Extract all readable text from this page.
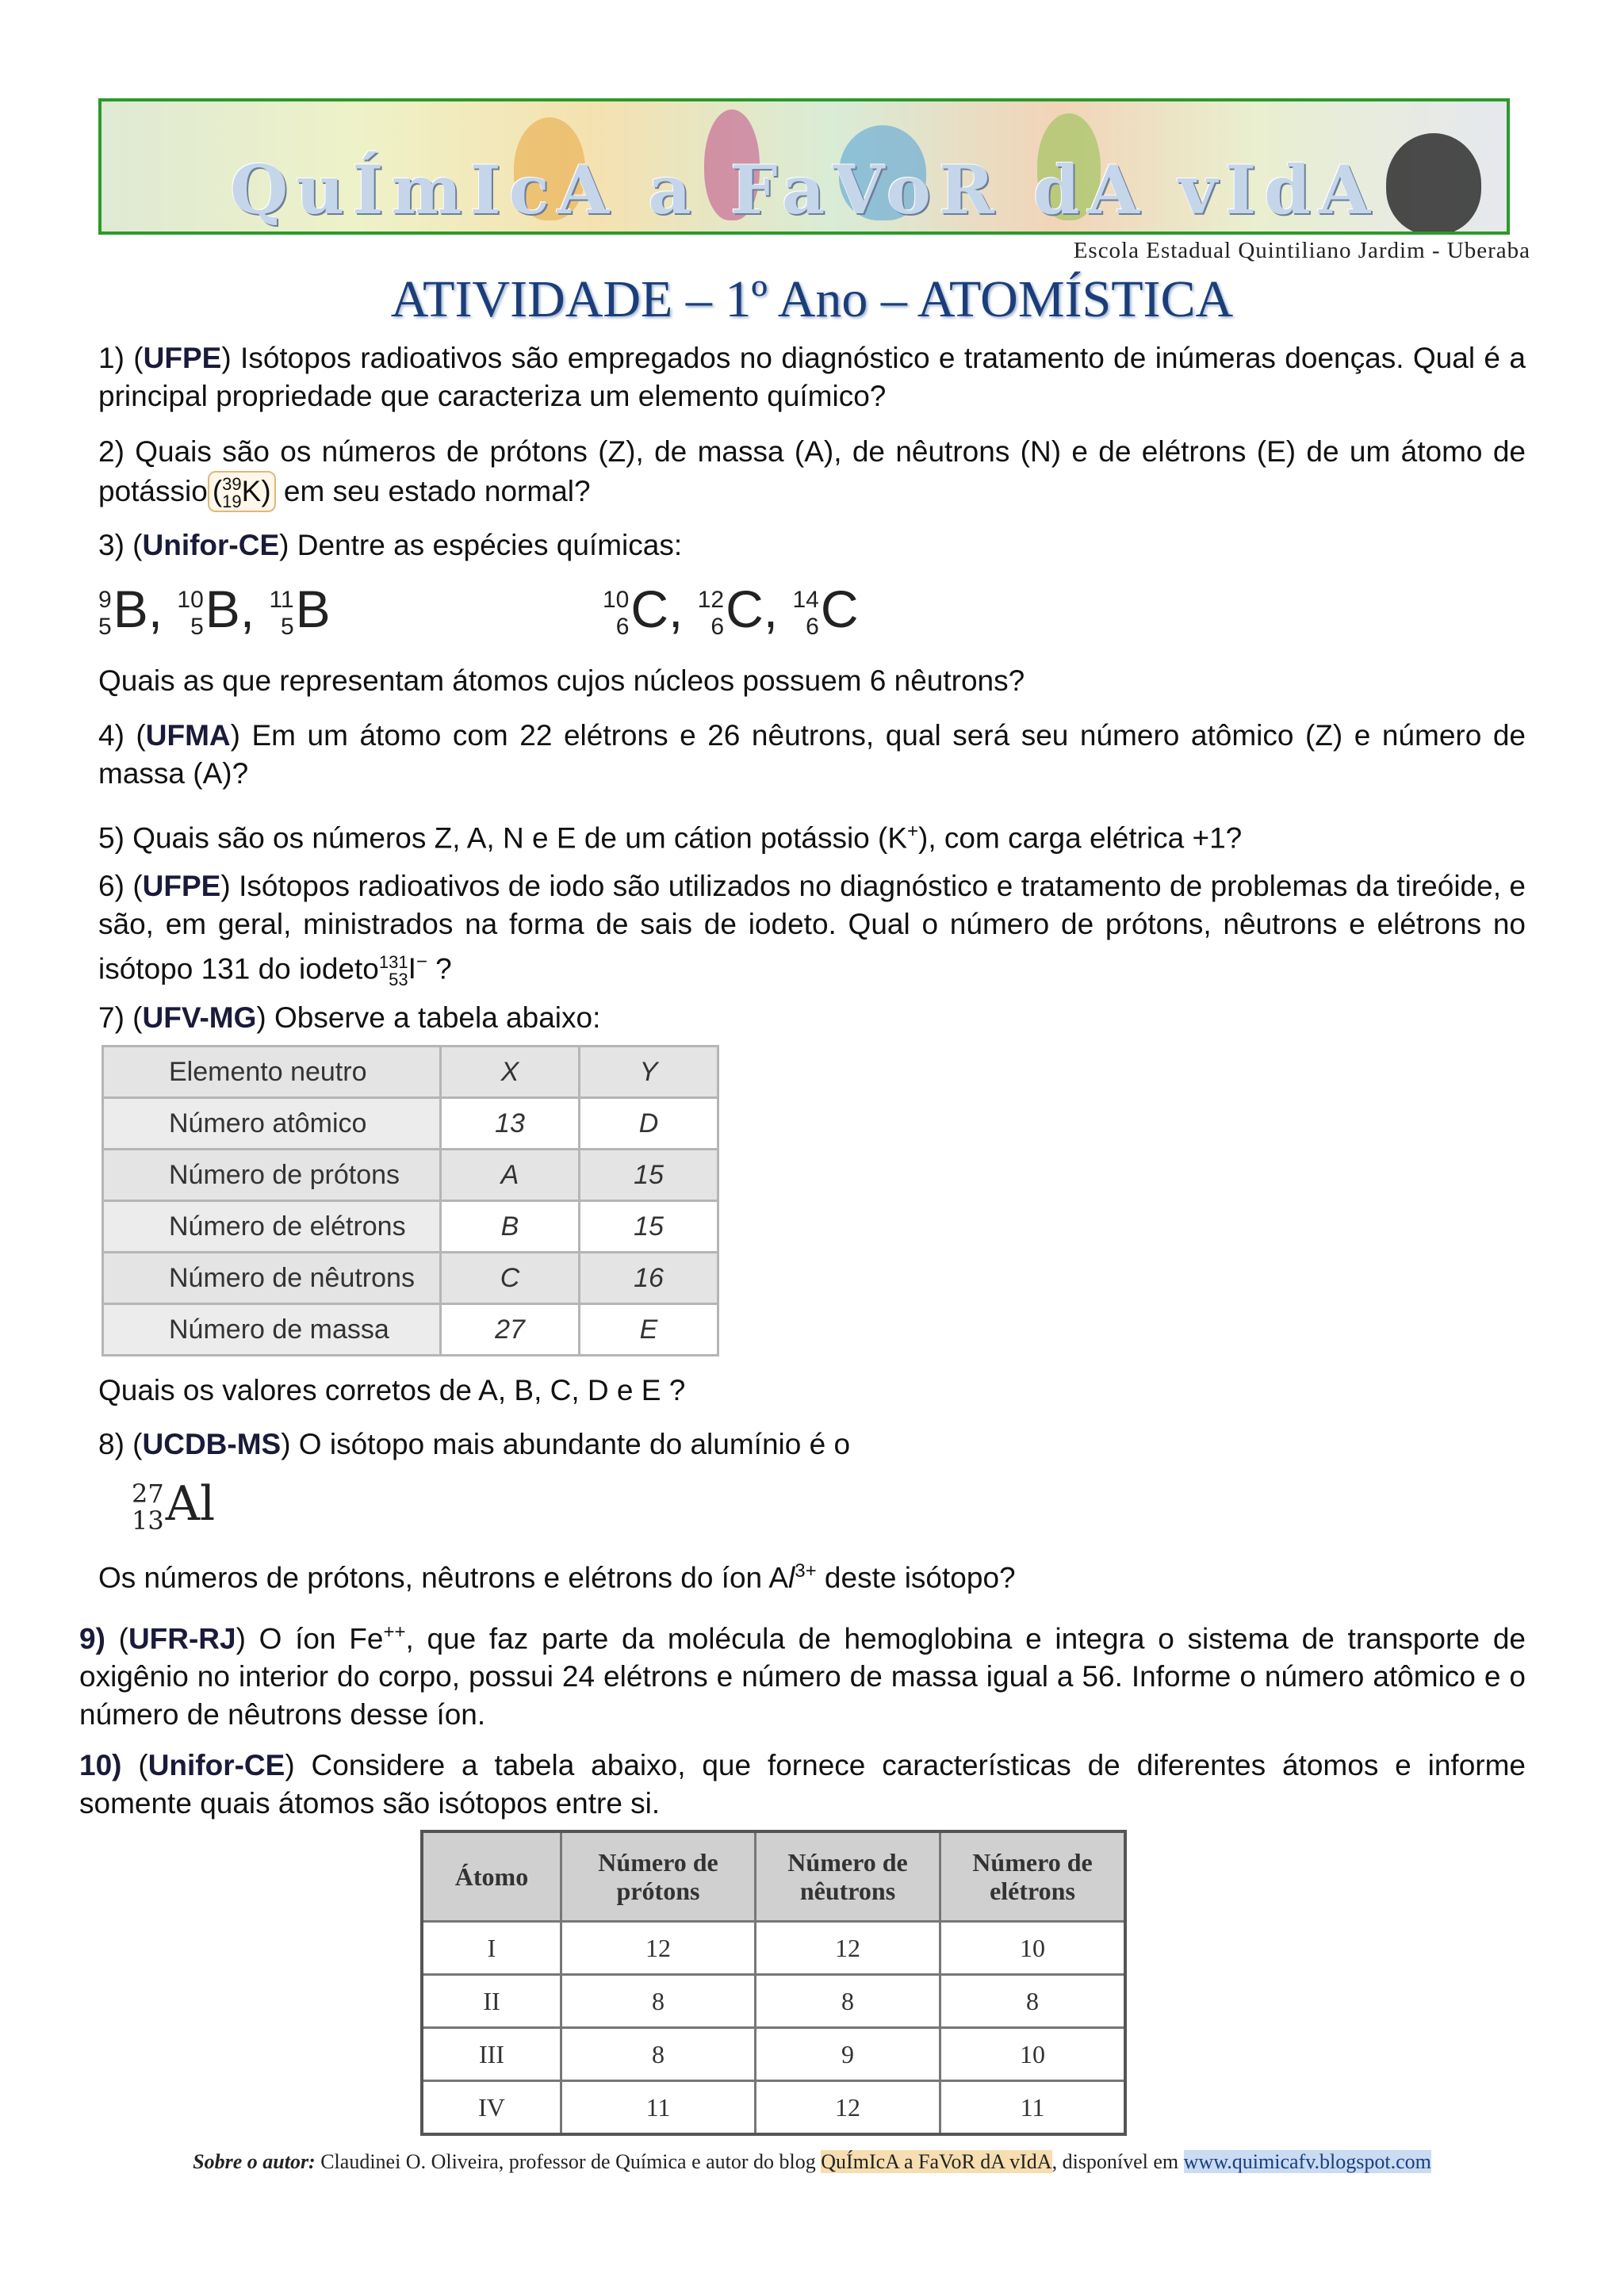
QuÍmIcA a FaVoR dA vIdA
Escola Estadual Quintiliano Jardim - Uberaba
ATIVIDADE – 1º Ano – ATOMÍSTICA
1) (UFPE) Isótopos radioativos são empregados no diagnóstico e tratamento de inúmeras doenças. Qual é a principal propriedade que caracteriza um elemento químico?
2) Quais são os números de prótons (Z), de massa (A), de nêutrons (N) e de elétrons (E) de um átomo de potássio ( 39
19 K) em seu estado normal?
3) (Unifor-CE) Dentre as espécies químicas:
9
5 B, 10
5 B, 11
5 B	10
6 C, 12
6 C, 14
6 C
Quais as que representam átomos cujos núcleos possuem 6 nêutrons?
4) (UFMA) Em um átomo com 22 elétrons e 26 nêutrons, qual será seu número atômico (Z) e número de massa (A)?
5) Quais são os números Z, A, N e E de um cátion potássio (K+), com carga elétrica +1?
6) (UFPE) Isótopos radioativos de iodo são utilizados no diagnóstico e tratamento de problemas da tireóide, e são, em geral, ministrados na forma de sais de iodeto. Qual o número de prótons, nêutrons e elétrons no isótopo 131 do iodeto 131
53 I− ?
7) (UFV-MG) Observe a tabela abaixo:
Elemento neutro	X	Y
Número atômico	13	D
Número de prótons	A	15
Número de elétrons	B	15
Número de nêutrons	C	16
Número de massa	27	E
Quais os valores corretos de A, B, C, D e E ?
8) (UCDB-MS) O isótopo mais abundante do alumínio é o
27
13 Al
Os números de prótons, nêutrons e elétrons do íon $Al^{3+}$ deste isótopo?
9) (UFR-RJ) O íon Fe++, que faz parte da molécula de hemoglobina e integra o sistema de transporte de oxigênio no interior do corpo, possui 24 elétrons e número de massa igual a 56. Informe o número atômico e o número de nêutrons desse íon.
10) (Unifor-CE) Considere a tabela abaixo, que fornece características de diferentes átomos e informe somente quais átomos são isótopos entre si.
Átomo	Número de prótons	Número de nêutrons	Número de elétrons
I	12	12	10
II	8	8	8
III	8	9	10
IV	11	12	11
Sobre o autor: Claudinei O. Oliveira, professor de Química e autor do blog QuÍmIcA a FaVoR dA vIdA, disponível em www.quimicafv.blogspot.com
